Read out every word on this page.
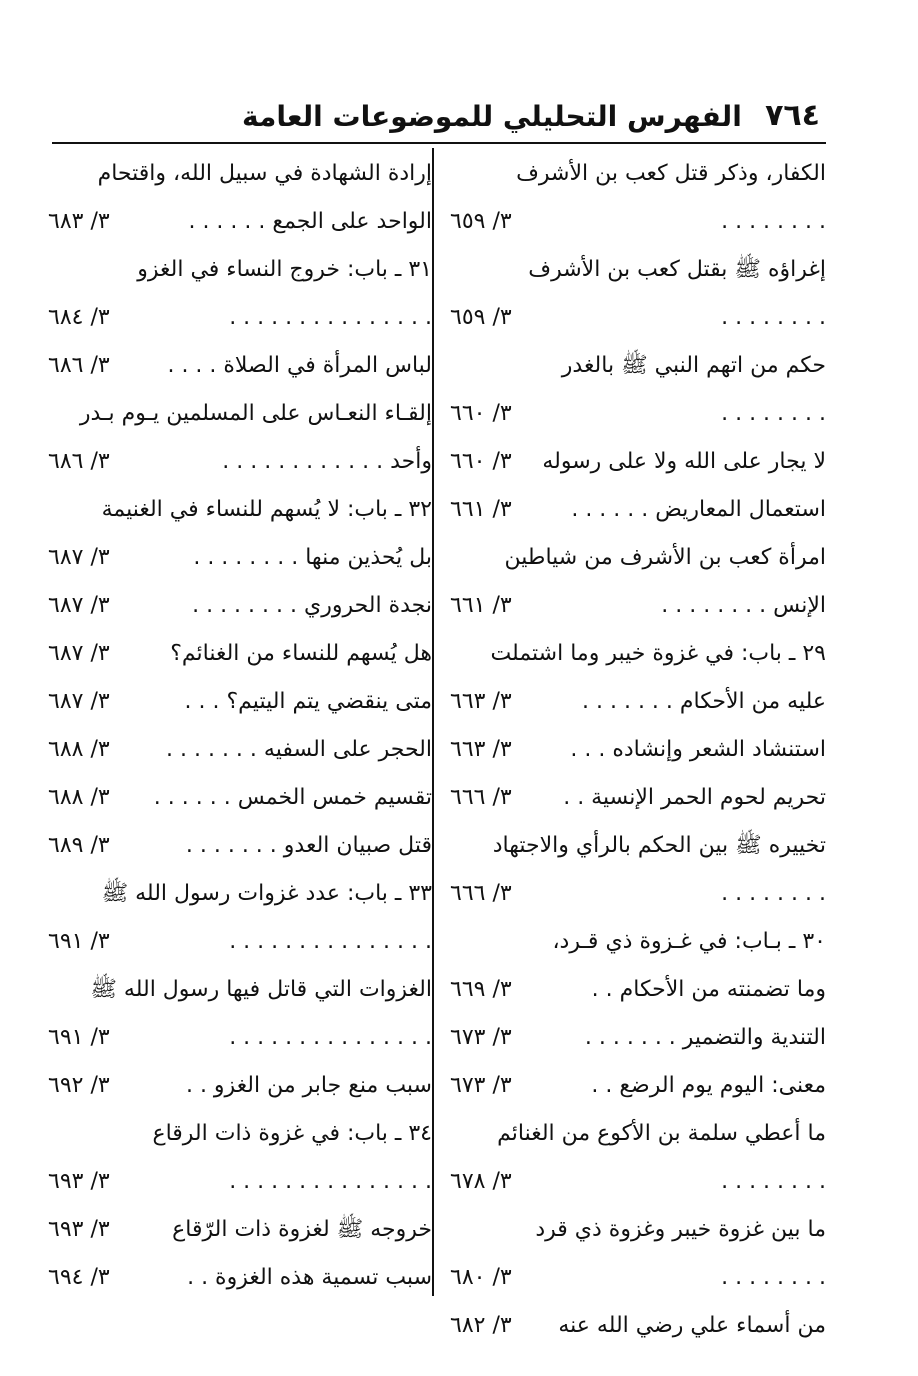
٧٦٤
الفهرس التحليلي للموضوعات العامة
الكفار، وذكر قتل كعب بن الأشرف
. . . . . . . .
٣/ ٦٥٩
إغراؤه ﷺ بقتل كعب بن الأشرف
. . . . . . . .
٣/ ٦٥٩
حكم من اتهم النبي ﷺ بالغدر
. . . . . . . .
٣/ ٦٦٠
لا يجار على الله ولا على رسوله
٣/ ٦٦٠
استعمال المعاريض . . . . . .
٣/ ٦٦١
امرأة كعب بن الأشرف من شياطين
الإنس . . . . . . . .
٣/ ٦٦١
٢٩ ـ باب: في غزوة خيبر وما اشتملت
عليه من الأحكام . . . . . . .
٣/ ٦٦٣
استنشاد الشعر وإنشاده . . .
٣/ ٦٦٣
تحريم لحوم الحمر الإنسية . .
٣/ ٦٦٦
تخييره ﷺ بين الحكم بالرأي والاجتهاد
. . . . . . . .
٣/ ٦٦٦
٣٠ ـ بـاب: في غـزوة ذي قـرد،
وما تضمنته من الأحكام . .
٣/ ٦٦٩
التندية والتضمير . . . . . . .
٣/ ٦٧٣
معنى: اليوم يوم الرضع . .
٣/ ٦٧٣
ما أعطي سلمة بن الأكوع من الغنائم
. . . . . . . .
٣/ ٦٧٨
ما بين غزوة خيبر وغزوة ذي قرد
. . . . . . . .
٣/ ٦٨٠
من أسماء علي رضي الله عنه
٣/ ٦٨٢
إرادة الشهادة في سبيل الله، واقتحام
الواحد على الجمع . . . . . .
٣/ ٦٨٣
٣١ ـ باب: خروج النساء في الغزو
. . . . . . . . . . . . . . .
٣/ ٦٨٤
لباس المرأة في الصلاة . . . .
٣/ ٦٨٦
إلقـاء النعـاس على المسلمين يـوم بـدر
وأحد . . . . . . . . . . . .
٣/ ٦٨٦
٣٢ ـ باب: لا يُسهم للنساء في الغنيمة
بل يُحذين منها . . . . . . . .
٣/ ٦٨٧
نجدة الحروري . . . . . . . .
٣/ ٦٨٧
هل يُسهم للنساء من الغنائم؟
٣/ ٦٨٧
متى ينقضي يتم اليتيم؟ . . .
٣/ ٦٨٧
الحجر على السفيه . . . . . . .
٣/ ٦٨٨
تقسيم خمس الخمس . . . . . .
٣/ ٦٨٨
قتل صبيان العدو . . . . . . .
٣/ ٦٨٩
٣٣ ـ باب: عدد غزوات رسول الله ﷺ
. . . . . . . . . . . . . . .
٣/ ٦٩١
الغزوات التي قاتل فيها رسول الله ﷺ
. . . . . . . . . . . . . . .
٣/ ٦٩١
سبب منع جابر من الغزو . .
٣/ ٦٩٢
٣٤ ـ باب: في غزوة ذات الرقاع
. . . . . . . . . . . . . . .
٣/ ٦٩٣
خروجه ﷺ لغزوة ذات الرّقاع
٣/ ٦٩٣
سبب تسمية هذه الغزوة . .
٣/ ٦٩٤
